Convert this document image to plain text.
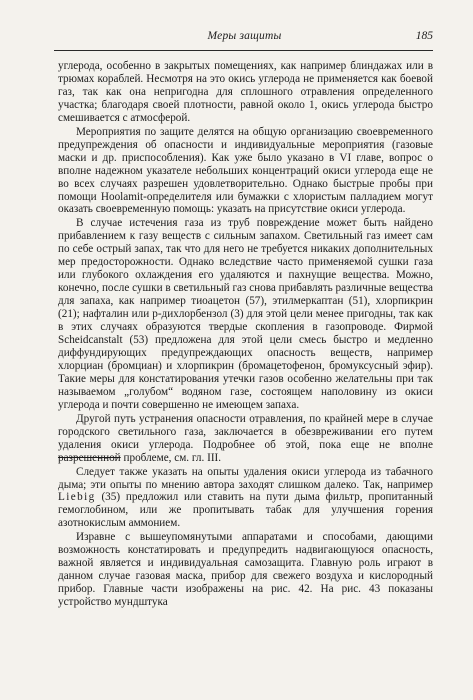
Меры защиты	185

углерода, особенно в закрытых помещениях, как например блиндажах или в трюмах кораблей. Несмотря на это окись углерода не применяется как боевой газ, так как она непригодна для сплошного отравления определенного участка; благодаря своей плотности, равной около 1, окись углерода быстро смешивается с атмосферой.

Мероприятия по защите делятся на общую организацию своевременного предупреждения об опасности и индивидуальные мероприятия (газовые маски и др. приспособления). Как уже было указано в VI главе, вопрос о вполне надежном указателе небольших концентраций окиси углерода еще не во всех случаях разрешен удовлетворительно. Однако быстрые пробы при помощи Hoolamit-определителя или бумажки с хлористым палладием могут оказать своевременную помощь: указать на присутствие окиси углерода.

В случае истечения газа из труб повреждение может быть найдено прибавлением к газу веществ с сильным запахом. Светильный газ имеет сам по себе острый запах, так что для него не требуется никаких дополнительных мер предосторожности. Однако вследствие часто применяемой сушки газа или глубокого охлаждения его удаляются и пахнущие вещества. Можно, конечно, после сушки в светильный газ снова прибавлять различные вещества для запаха, как например тиоацетон (57), этилмеркаптан (51), хлорпикрин (21); нафталин или р-дихлорбензол (3) для этой цели менее пригодны, так как в этих случаях образуются твердые скопления в газопроводе. Фирмой Scheidcanstalt (53) предложена для этой цели смесь быстро и медленно диффундирующих предупреждающих опасность веществ, например хлорциан (бромциан) и хлорпикрин (бромацетофенон, бромуксусный эфир). Такие меры для констатирования утечки газов особенно желательны при так называемом „голубом“ водяном газе, состоящем наполовину из окиси углерода и почти совершенно не имеющем запаха.

Другой путь устранения опасности отравления, по крайней мере в случае городского светильного газа, заключается в обезвреживании его путем удаления окиси углерода. Подробнее об этой, пока еще не вполне разрешенной проблеме, см. гл. III.

Следует также указать на опыты удаления окиси углерода из табачного дыма; эти опыты по мнению автора заходят слишком далеко. Так, например Liebig (35) предложил или ставить на пути дыма фильтр, пропитанный гемоглобином, или же пропитывать табак для улучшения горения азотнокислым аммонием.

Изравне с вышеупомянутыми аппаратами и способами, дающими возможность констатировать и предупредить надвигающуюся опасность, важной является и индивидуальная самозащита. Главную роль играют в данном случае газовая маска, прибор для свежего воздуха и кислородный прибор. Главные части изображены на рис. 42. На рис. 43 показаны устройство мундштука
